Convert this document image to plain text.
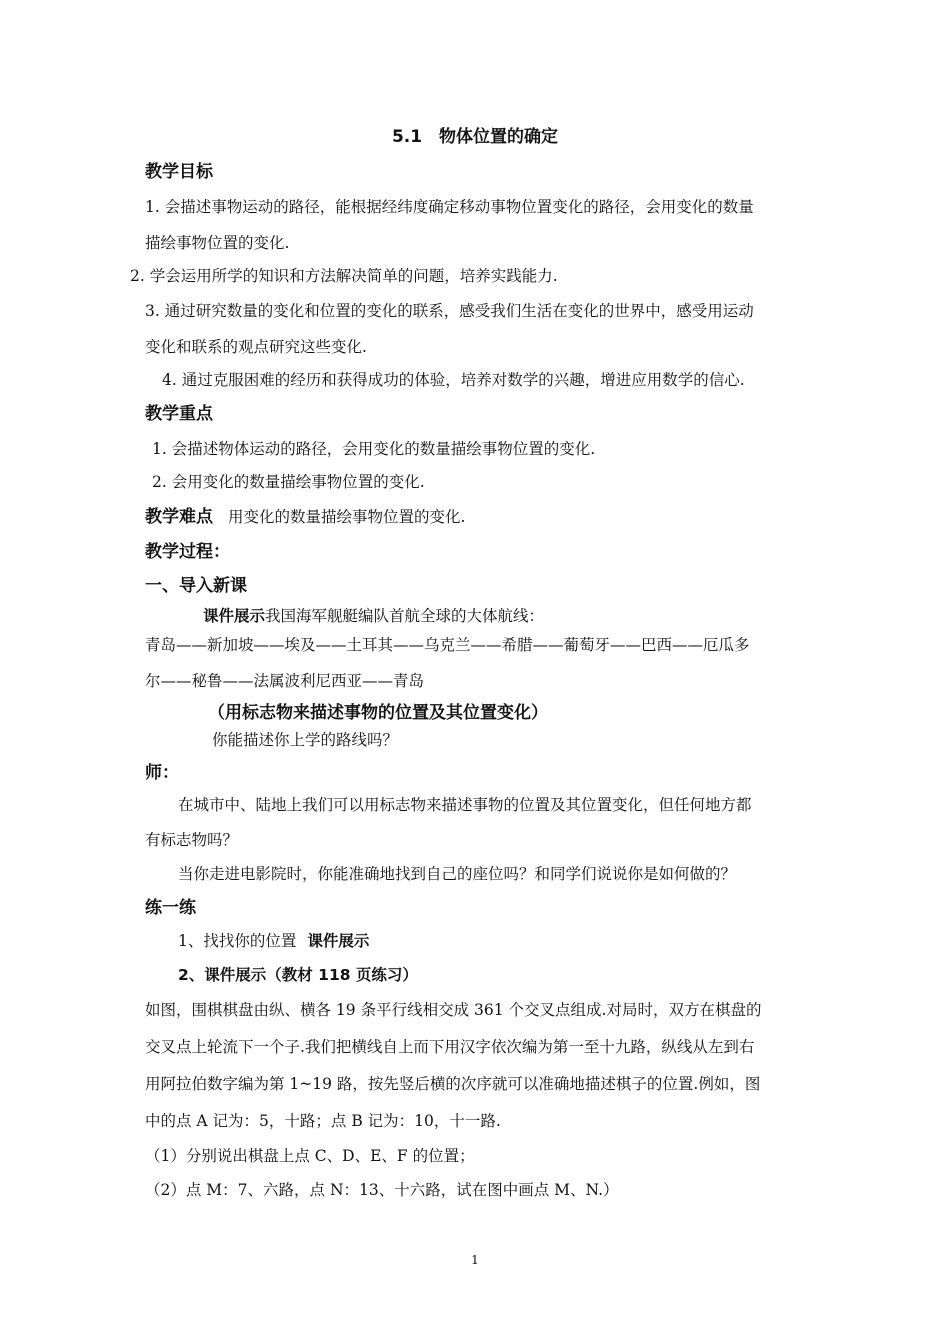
5.1　物体位置的确定
教学目标
1. 会描述事物运动的路径，能根据经纬度确定移动事物位置变化的路径，会用变化的数量
描绘事物位置的变化.
2. 学会运用所学的知识和方法解决简单的问题，培养实践能力.
3. 通过研究数量的变化和位置的变化的联系，感受我们生活在变化的世界中，感受用运动
变化和联系的观点研究这些变化.
4. 通过克服困难的经历和获得成功的体验，培养对数学的兴趣，增进应用数学的信心.
教学重点
1. 会描述物体运动的路径，会用变化的数量描绘事物位置的变化.
2. 会用变化的数量描绘事物位置的变化.
教学难点 用变化的数量描绘事物位置的变化.
教学过程：
一、导入新课
课件展示我国海军舰艇编队首航全球的大体航线：
青岛——新加坡——埃及——土耳其——乌克兰——希腊——葡萄牙——巴西——厄瓜多
尔——秘鲁——法属波利尼西亚——青岛
（用标志物来描述事物的位置及其位置变化）
你能描述你上学的路线吗？
师：
在城市中、陆地上我们可以用标志物来描述事物的位置及其位置变化，但任何地方都
有标志物吗？
当你走进电影院时，你能准确地找到自己的座位吗？和同学们说说你是如何做的？
练一练
1、找找你的位置 课件展示
2、课件展示（教材 118 页练习）
如图，围棋棋盘由纵、横各 19 条平行线相交成 361 个交叉点组成.对局时，双方在棋盘的
交叉点上轮流下一个子.我们把横线自上而下用汉字依次编为第一至十九路，纵线从左到右
用阿拉伯数字编为第 1~19 路，按先竖后横的次序就可以准确地描述棋子的位置.例如，图
中的点 A 记为：5，十路；点 B 记为：10，十一路.
（1）分别说出棋盘上点 C、D、E、F 的位置；
（2）点 M：7、六路，点 N：13、十六路，试在图中画点 M、N.）
1
